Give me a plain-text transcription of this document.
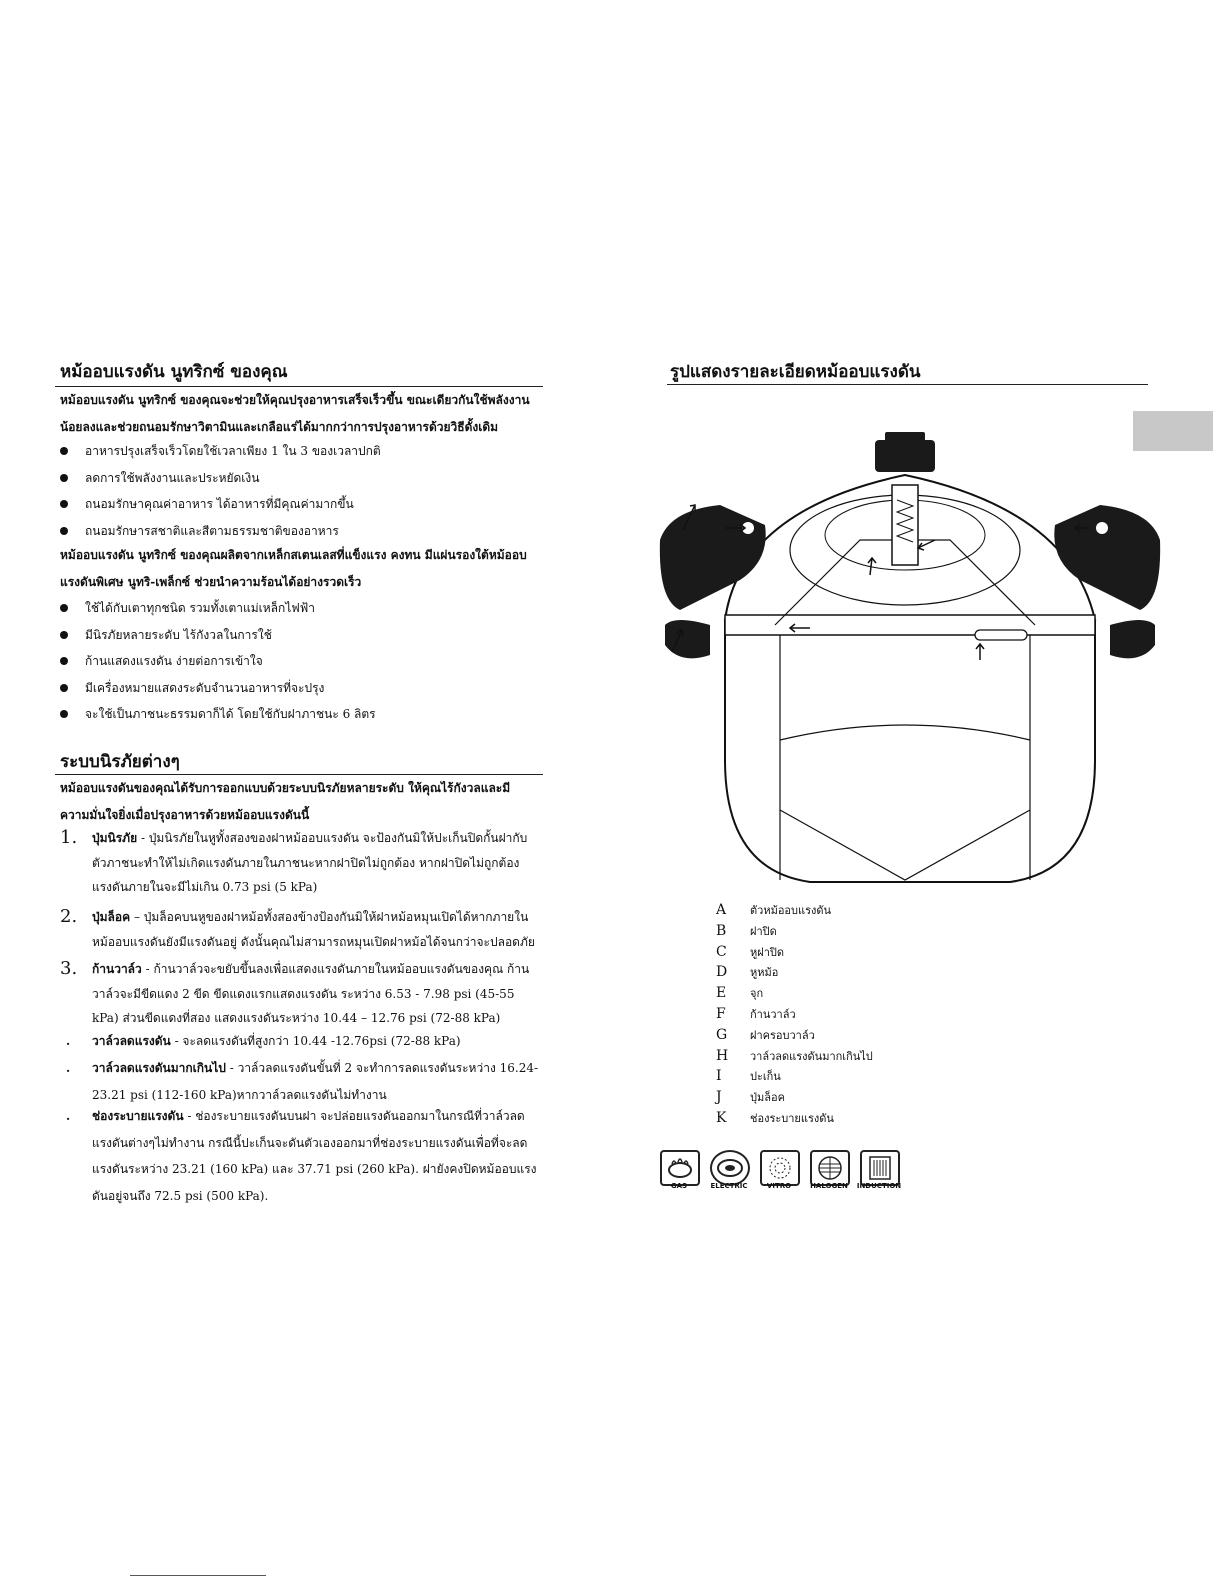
หม้ออบแรงดัน นูทริกซ์ ของคุณ
หม้ออบแรงดัน นูทริกซ์ ของคุณจะช่วยให้คุณปรุงอาหารเสร็จเร็วขึ้น ขณะเดียวกันใช้พลังงานน้อยลงและช่วยถนอมรักษาวิตามินและเกลือแร่ได้มากกว่าการปรุงอาหารด้วยวิธีดั้งเดิม
อาหารปรุงเสร็จเร็วโดยใช้เวลาเพียง 1 ใน 3 ของเวลาปกติ
ลดการใช้พลังงานและประหยัดเงิน
ถนอมรักษาคุณค่าอาหาร ได้อาหารที่มีคุณค่ามากขึ้น
ถนอมรักษารสชาติและสีตามธรรมชาติของอาหาร
หม้ออบแรงดัน นูทริกซ์ ของคุณผลิตจากเหล็กสเตนเลสที่แข็งแรง คงทน มีแผ่นรองใต้หม้ออบแรงดันพิเศษ นูทริ-เพล็กซ์ ช่วยนำความร้อนได้อย่างรวดเร็ว
ใช้ได้กับเตาทุกชนิด รวมทั้งเตาแม่เหล็กไฟฟ้า
มีนิรภัยหลายระดับ ไร้กังวลในการใช้
ก้านแสดงแรงดัน ง่ายต่อการเข้าใจ
มีเครื่องหมายแสดงระดับจำนวนอาหารที่จะปรุง
จะใช้เป็นภาชนะธรรมดาก็ได้ โดยใช้กับฝาภาชนะ 6 ลิตร
ระบบนิรภัยต่างๆ
หม้ออบแรงดันของคุณได้รับการออกแบบด้วยระบบนิรภัยหลายระดับ ให้คุณไร้กังวลและมีความมั่นใจยิ่งเมื่อปรุงอาหารด้วยหม้ออบแรงดันนี้
1. ปุ่มนิรภัย - ปุ่มนิรภัยในหูทั้งสองของฝาหม้ออบแรงดัน จะป้องกันมิให้ปะเก็นปิดกั้นฝากับตัวภาชนะทำให้ไม่เกิดแรงดันภายในภาชนะหากฝาปิดไม่ถูกต้อง หากฝาปิดไม่ถูกต้องแรงดันภายในจะมีไม่เกิน 0.73 psi (5 kPa)
2. ปุ่มล็อค – ปุ่มล็อคบนหูของฝาหม้อทั้งสองข้างป้องกันมิให้ฝาหม้อหมุนเปิดได้หากภายในหม้ออบแรงดันยังมีแรงดันอยู่ ดังนั้นคุณไม่สามารถหมุนเปิดฝาหม้อได้จนกว่าจะปลอดภัย
3. ก้านวาล์ว - ก้านวาล์วจะขยับขึ้นลงเพื่อแสดงแรงดันภายในหม้ออบแรงดันของคุณ ก้านวาล์วจะมีขีดแดง 2 ขีด ขีดแดงแรกแสดงแรงดัน ระหว่าง 6.53 - 7.98 psi (45-55 kPa) ส่วนขีดแดงที่สอง แสดงแรงดันระหว่าง 10.44 – 12.76 psi (72-88 kPa)
. วาล์วลดแรงดัน - จะลดแรงดันที่สูงกว่า 10.44 -12.76psi (72-88 kPa)
. วาล์วลดแรงดันมากเกินไป - วาล์วลดแรงดันขั้นที่ 2 จะทำการลดแรงดันระหว่าง 16.24-23.21 psi (112-160 kPa)หากวาล์วลดแรงดันไม่ทำงาน
. ช่องระบายแรงดัน - ช่องระบายแรงดันบนฝา จะปล่อยแรงดันออกมาในกรณีที่วาล์วลดแรงดันต่างๆไม่ทำงาน กรณีนี้ปะเก็นจะดันตัวเองออกมาที่ช่องระบายแรงดันเพื่อที่จะลดแรงดันระหว่าง 23.21 (160 kPa) และ 37.71 psi (260 kPa). ฝายังคงปิดหม้ออบแรงดันอยู่จนถึง 72.5 psi (500 kPa).
รูปแสดงรายละเอียดหม้ออบแรงดัน
A ตัวหม้ออบแรงดัน
B ฝาปิด
C หูฝาปิด
D หูหม้อ
E จุก
F ก้านวาล์ว
G ฝาครอบวาล์ว
H วาล์วลดแรงดันมากเกินไป
I	ปะเก็น
J	ปุ่มล็อค
K ช่องระบายแรงดัน
GAS	ELECTRIC	VITRO	HALOGEN	INDUCTION
